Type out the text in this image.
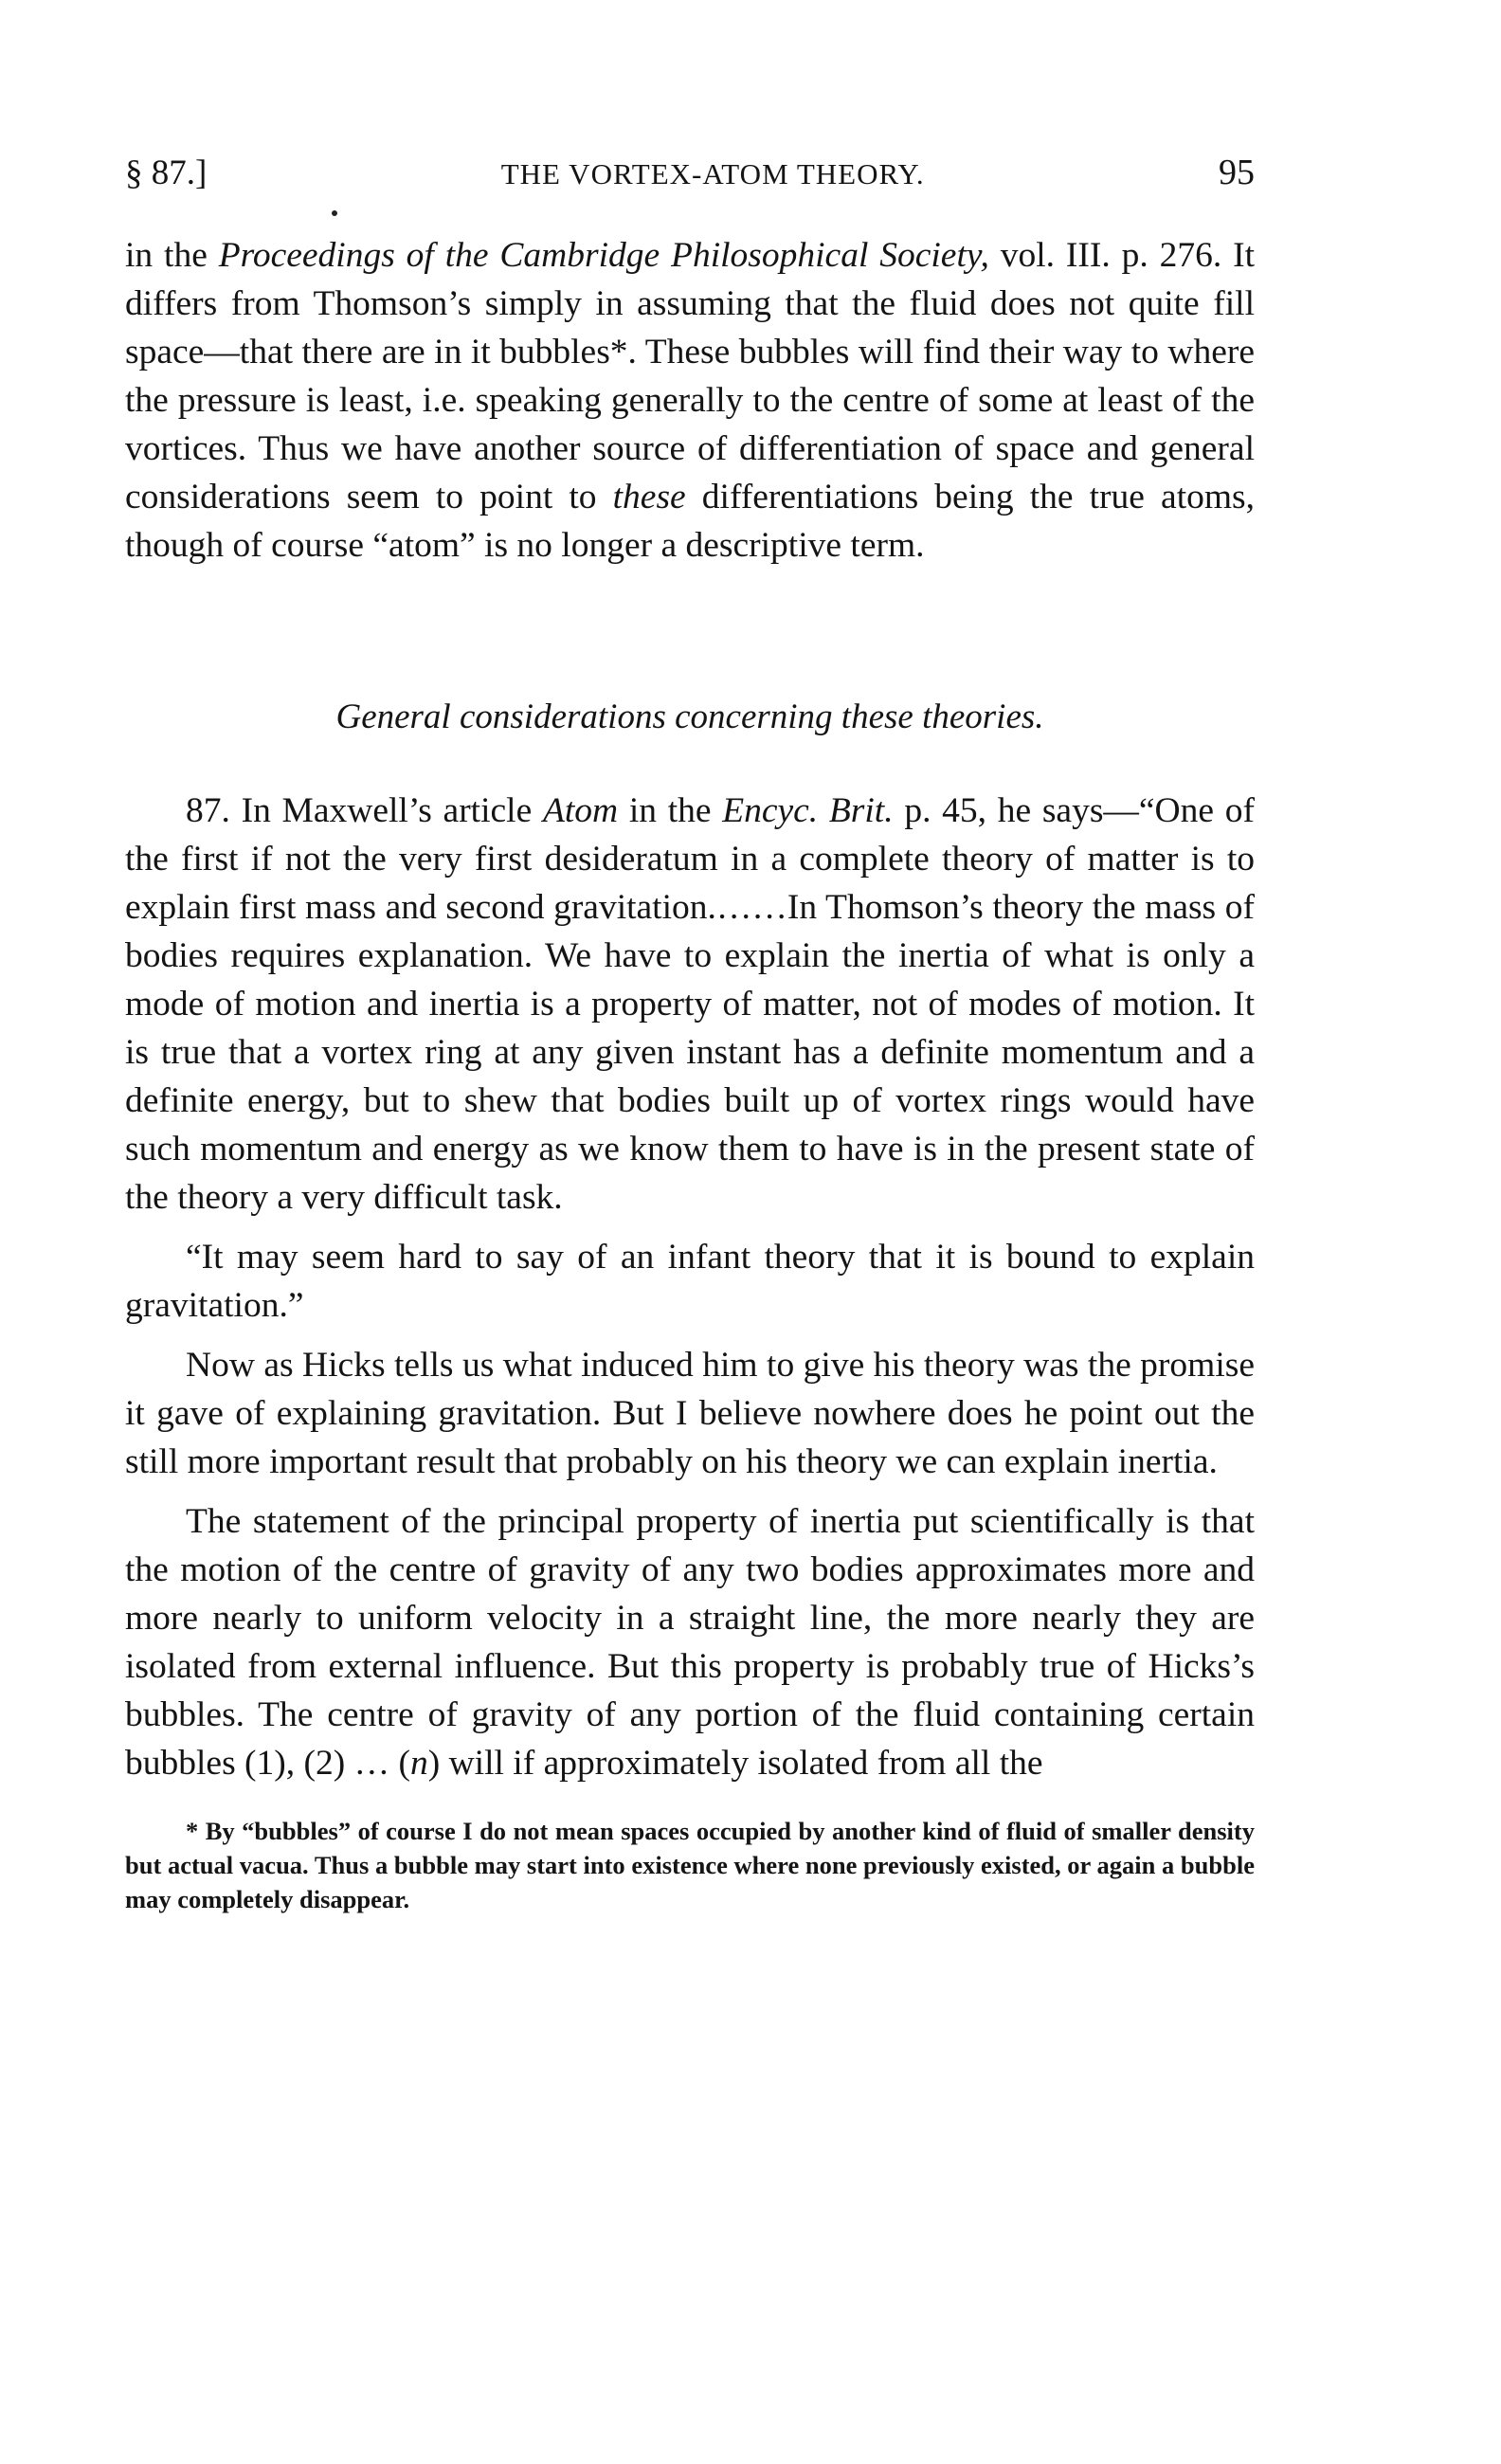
§ 87.]	THE VORTEX-ATOM THEORY.	95

in the Proceedings of the Cambridge Philosophical Society, vol. III. p. 276. It differs from Thomson’s simply in assuming that the fluid does not quite fill space—that there are in it bubbles*. These bubbles will find their way to where the pressure is least, i.e. speaking generally to the centre of some at least of the vortices. Thus we have another source of differentiation of space and general considerations seem to point to these differentiations being the true atoms, though of course “atom” is no longer a descriptive term.

General considerations concerning these theories.

87. In Maxwell’s article Atom in the Encyc. Brit. p. 45, he says—“One of the first if not the very first desideratum in a complete theory of matter is to explain first mass and second gravitation.……In Thomson’s theory the mass of bodies requires explanation. We have to explain the inertia of what is only a mode of motion and inertia is a property of matter, not of modes of motion. It is true that a vortex ring at any given instant has a definite momentum and a definite energy, but to shew that bodies built up of vortex rings would have such momentum and energy as we know them to have is in the present state of the theory a very difficult task.

“It may seem hard to say of an infant theory that it is bound to explain gravitation.”

Now as Hicks tells us what induced him to give his theory was the promise it gave of explaining gravitation. But I believe nowhere does he point out the still more important result that probably on his theory we can explain inertia.

The statement of the principal property of inertia put scientifically is that the motion of the centre of gravity of any two bodies approximates more and more nearly to uniform velocity in a straight line, the more nearly they are isolated from external influence. But this property is probably true of Hicks’s bubbles. The centre of gravity of any portion of the fluid containing certain bubbles (1), (2) … (n) will if approximately isolated from all the

* By “bubbles” of course I do not mean spaces occupied by another kind of fluid of smaller density but actual vacua. Thus a bubble may start into existence where none previously existed, or again a bubble may completely disappear.
